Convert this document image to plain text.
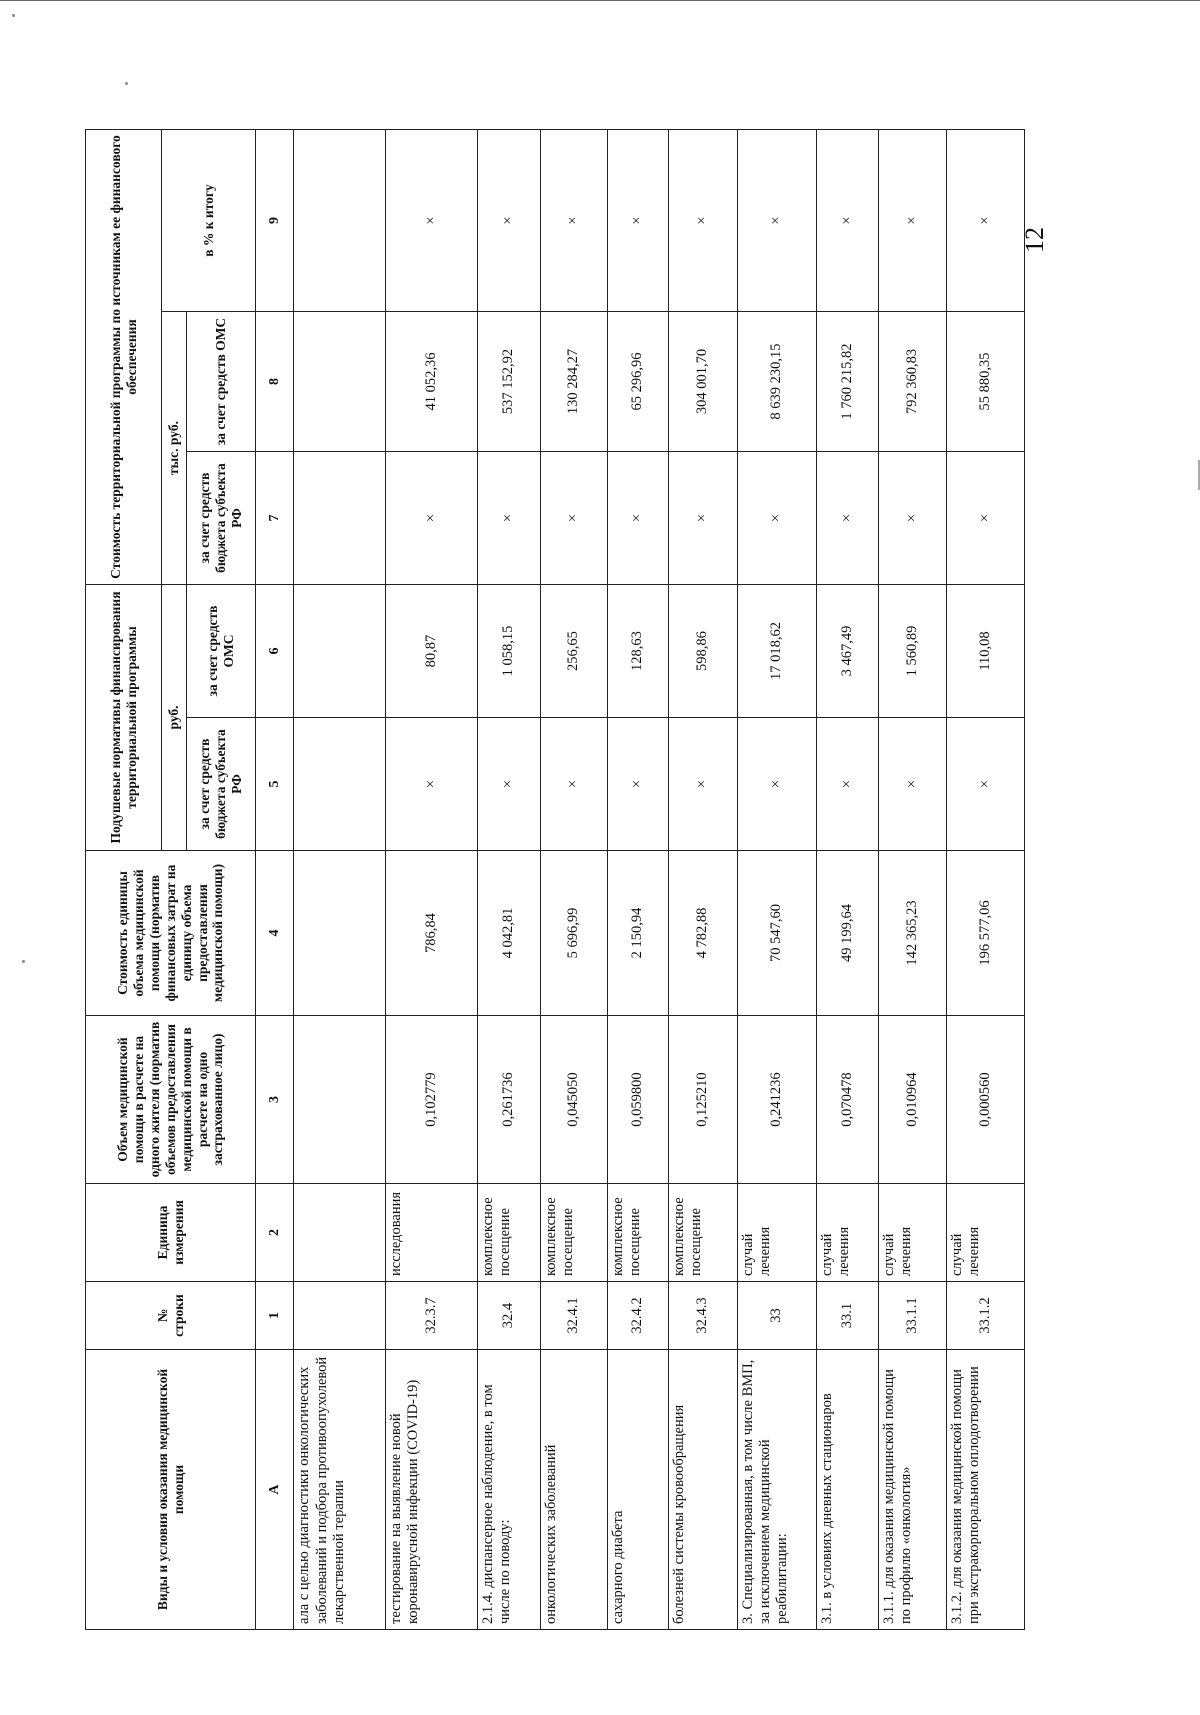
Виды и условия оказания медицинской помощи	№ строки	Единица измерения	Объем медицинской помощи в расчете на одного жителя (норматив объемов предоставления медицинской помощи в расчете на одно застрахованное лицо)	Стоимость единицы объема медицинской помощи (норматив финансовых затрат на единицу объема предоставления медицинской помощи)	Подушевые нормативы финансирования территориальной программы		Стоимость территориальной программы по источникам ее финансового обеспечения		
					руб.		тыс. руб.		в % к итогу
					за счет средств бюджета субъекта РФ	за счет средств ОМС	за счет средств бюджета субъекта РФ	за счет средств ОМС	
А	1	2	3	4	5	6	7	8	9
ала с целью диагностики онкологических заболеваний и подбора противоопухолевой лекарственной терапии									
тестирование на выявление новой коронавирусной инфекции (COVID-19)	32.3.7	исследования	0,102779	786,84	×	80,87	×	41 052,36	×
2.1.4. диспансерное наблюдение, в том числе по поводу:	32.4	комплексное посещение	0,261736	4 042,81	×	1 058,15	×	537 152,92	×
онкологических заболеваний	32.4.1	комплексное посещение	0,045050	5 696,99	×	256,65	×	130 284,27	×
сахарного диабета	32.4.2	комплексное посещение	0,059800	2 150,94	×	128,63	×	65 296,96	×
болезней системы кровообращения	32.4.3	комплексное посещение	0,125210	4 782,88	×	598,86	×	304 001,70	×
3. Специализированная, в том числе ВМП, за исключением медицинской реабилитации:	33	случай лечения	0,241236	70 547,60	×	17 018,62	×	8 639 230,15	×
3.1. в условиях дневных стационаров	33.1	случай лечения	0,070478	49 199,64	×	3 467,49	×	1 760 215,82	×
3.1.1. для оказания медицинской помощи по профилю «онкология»	33.1.1	случай лечения	0,010964	142 365,23	×	1 560,89	×	792 360,83	×
3.1.2. для оказания медицинской помощи при экстракорпоральном оплодотворении	33.1.2	случай лечения	0,000560	196 577,06	×	110,08	×	55 880,35	×
12
